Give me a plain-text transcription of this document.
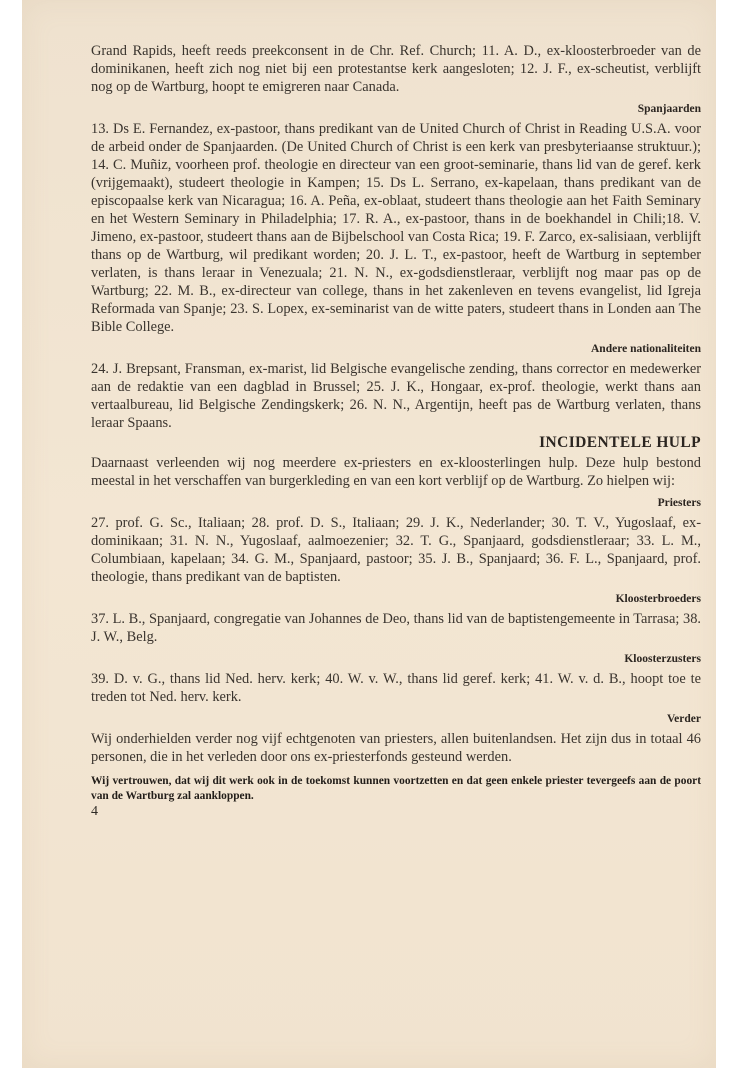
Grand Rapids, heeft reeds preekconsent in de Chr. Ref. Church; 11. A. D., ex-kloosterbroeder van de dominikanen, heeft zich nog niet bij een protestantse kerk aangesloten; 12. J. F., ex-scheutist, verblijft nog op de Wartburg, hoopt te emigreren naar Canada.

Spanjaarden

13. Ds E. Fernandez, ex-pastoor, thans predikant van de United Church of Christ in Reading U.S.A. voor de arbeid onder de Spanjaarden. (De United Church of Christ is een kerk van presbyteriaanse struktuur.); 14. C. Muñiz, voorheen prof. theologie en directeur van een groot-seminarie, thans lid van de geref. kerk (vrijgemaakt), studeert theologie in Kampen; 15. Ds L. Serrano, ex-kapelaan, thans predikant van de episcopaalse kerk van Nicaragua; 16. A. Peña, ex-oblaat, studeert thans theologie aan het Faith Seminary en het Western Seminary in Philadelphia; 17. R. A., ex-pastoor, thans in de boekhandel in Chili;18. V. Jimeno, ex-pastoor, studeert thans aan de Bijbelschool van Costa Rica; 19. F. Zarco, ex-salisiaan, verblijft thans op de Wartburg, wil predikant worden; 20. J. L. T., ex-pastoor, heeft de Wartburg in september verlaten, is thans leraar in Venezuala; 21. N. N., ex-godsdienstleraar, verblijft nog maar pas op de Wartburg; 22. M. B., ex-directeur van college, thans in het zakenleven en tevens evangelist, lid Igreja Reformada van Spanje; 23. S. Lopex, ex-seminarist van de witte paters, studeert thans in Londen aan The Bible College.

Andere nationaliteiten

24. J. Brepsant, Fransman, ex-marist, lid Belgische evangelische zending, thans corrector en medewerker aan de redaktie van een dagblad in Brussel; 25. J. K., Hongaar, ex-prof. theologie, werkt thans aan vertaalbureau, lid Belgische Zendingskerk; 26. N. N., Argentijn, heeft pas de Wartburg verlaten, thans leraar Spaans.

INCIDENTELE HULP

Daarnaast verleenden wij nog meerdere ex-priesters en ex-kloosterlingen hulp. Deze hulp bestond meestal in het verschaffen van burgerkleding en van een kort verblijf op de Wartburg. Zo hielpen wij:

Priesters

27. prof. G. Sc., Italiaan; 28. prof. D. S., Italiaan; 29. J. K., Nederlander; 30. T. V., Yugoslaaf, ex-dominikaan; 31. N. N., Yugoslaaf, aalmoezenier; 32. T. G., Spanjaard, godsdienstleraar; 33. L. M., Columbiaan, kapelaan; 34. G. M., Spanjaard, pastoor; 35. J. B., Spanjaard; 36. F. L., Spanjaard, prof. theologie, thans predikant van de baptisten.

Kloosterbroeders

37. L. B., Spanjaard, congregatie van Johannes de Deo, thans lid van de baptistengemeente in Tarrasa; 38. J. W., Belg.

Kloosterzusters

39. D. v. G., thans lid Ned. herv. kerk; 40. W. v. W., thans lid geref. kerk; 41. W. v. d. B., hoopt toe te treden tot Ned. herv. kerk.

Verder

Wij onderhielden verder nog vijf echtgenoten van priesters, allen buitenlandsen. Het zijn dus in totaal 46 personen, die in het verleden door ons ex-priesterfonds gesteund werden.

Wij vertrouwen, dat wij dit werk ook in de toekomst kunnen voortzetten en dat geen enkele priester tevergeefs aan de poort van de Wartburg zal aankloppen.

4
